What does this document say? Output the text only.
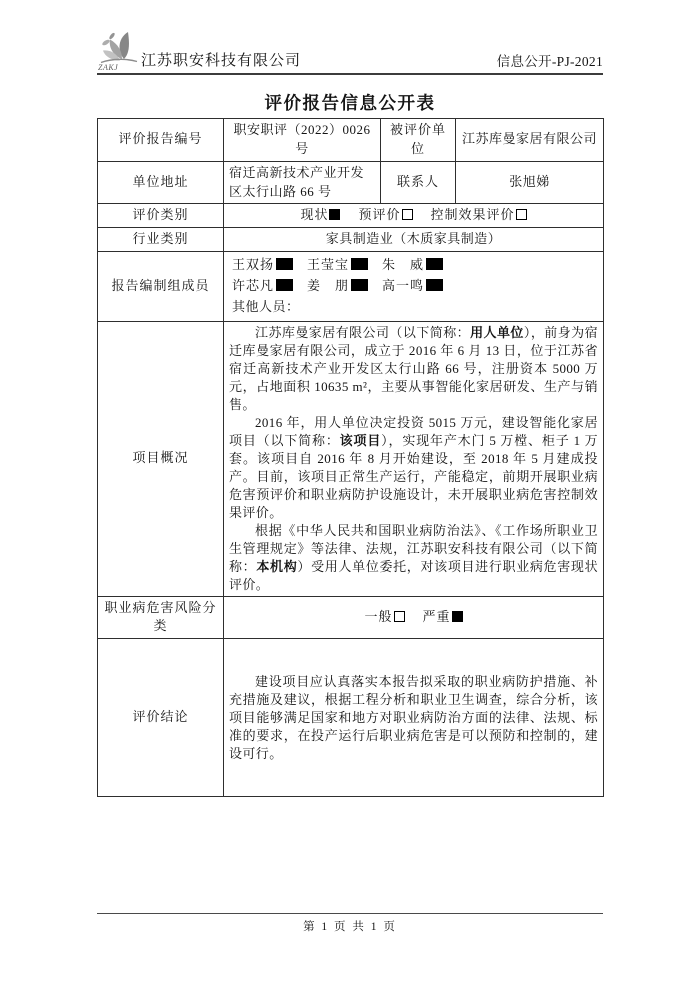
ZAKJ 江苏职安科技有限公司	信息公开-PJ-2021
评价报告信息公开表
评价报告编号	职安职评（2022）0026 号	被评价单位	江苏库曼家居有限公司
单位地址	宿迁高新技术产业开发区太行山路 66 号	联系人	张旭娣
评价类别	现状 预评价 控制效果评价		
行业类别	家具制造业（木质家具制造）		
报告编制组成员	王双扬 王莹宝 朱　威
许芯凡 姜　朋 高一鸣
其他人员：		

项目概况	江苏库曼家居有限公司（以下简称：用人单位），前身为宿迁库曼家居有限公司，成立于 2016 年 6 月 13 日，位于江苏省宿迁高新技术产业开发区太行山路 66 号，注册资本 5000 万元，占地面积 10635 m²，主要从事智能化家居研发、生产与销售。

2016 年，用人单位决定投资 5015 万元，建设智能化家居项目（以下简称：该项目），实现年产木门 5 万樘、柜子 1 万套。该项目自 2016 年 8 月开始建设，至 2018 年 5 月建成投产。目前，该项目正常生产运行，产能稳定，前期开展职业病危害预评价和职业病防护设施设计，未开展职业病危害控制效果评价。

根据《中华人民共和国职业病防治法》、《工作场所职业卫生管理规定》等法律、法规，江苏职安科技有限公司（以下简称：本机构）受用人单位委托，对该项目进行职业病危害现状评价。		

职业病危害风险分类	一般 严重		
评价结论	建设项目应认真落实本报告拟采取的职业病防护措施、补充措施及建议，根据工程分析和职业卫生调查，综合分析，该项目能够满足国家和地方对职业病防治方面的法律、法规、标准的要求，在投产运行后职业病危害是可以预防和控制的，建设可行。		

第 1 页 共 1 页
